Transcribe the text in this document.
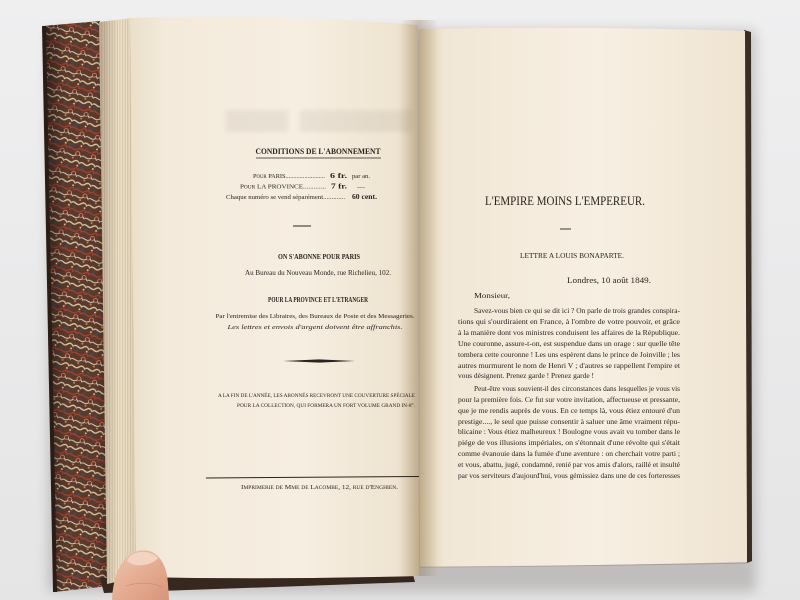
CONDITIONS DE L'ABONNEMENT
Pour PARIS......................... 6 fr. par an.
Pour LA PROVINCE............. 7 fr. —
Chaque numéro se vend séparément............. 60 cent.
ON S'ABONNE POUR PARIS
Au Bureau du Nouveau Monde, rue Richelieu, 102.
POUR LA PROVINCE ET L'ETRANGER
Par l'entremise des Libraires, des Bureaux de Poste et des Messageries.
Les lettres et envois d'argent doivent être affranchis.
A LA FIN DE L'ANNÉE, LES ABONNÉS RECEVRONT UNE COUVERTURE SPÉCIALE
POUR LA COLLECTION, QUI FORMERA UN FORT VOLUME GRAND IN-8°.
Imprimerie de Mme de Lacombe, 12, rue d'Enghien.
L'EMPIRE MOINS L'EMPEREUR.
LETTRE A LOUIS BONAPARTE.
Londres, 10 août 1849.
Monsieur,
Savez-vous bien ce qui se dit ici ? On parle de trois grandes conspira-
tions qui s'ourdiraient en France, à l'ombre de votre pouvoir, et grâce
à la manière dont vos ministres conduisent les affaires de la République.
Une couronne, assure-t-on, est suspendue dans un orage : sur quelle tête
tombera cette couronne ! Les uns espèrent dans le prince de Joinville ; les
autres murmurent le nom de Henri V ; d'autres se rappellent l'empire et
vous désignent. Prenez garde ! Prenez garde !
Peut-être vous souvient-il des circonstances dans lesquelles je vous vis
pour la première fois. Ce fut sur votre invitation, affectueuse et pressante,
que je me rendis auprès de vous. En ce temps là, vous étiez entouré d'un
prestige...., le seul que puisse consentir à saluer une âme vraiment répu-
blicaine : Vous étiez malheureux ! Boulogne vous avait vu tomber dans le
piége de vos illusions impériales, on s'étonnait d'une révolte qui s'était
comme évanouie dans la fumée d'une aventure : on cherchait votre parti ;
et vous, abattu, jugé, condamné, renié par vos amis d'alors, raillé et insulté
par vos serviteurs d'aujourd'hui, vous gémissiez dans une de ces forteresses
